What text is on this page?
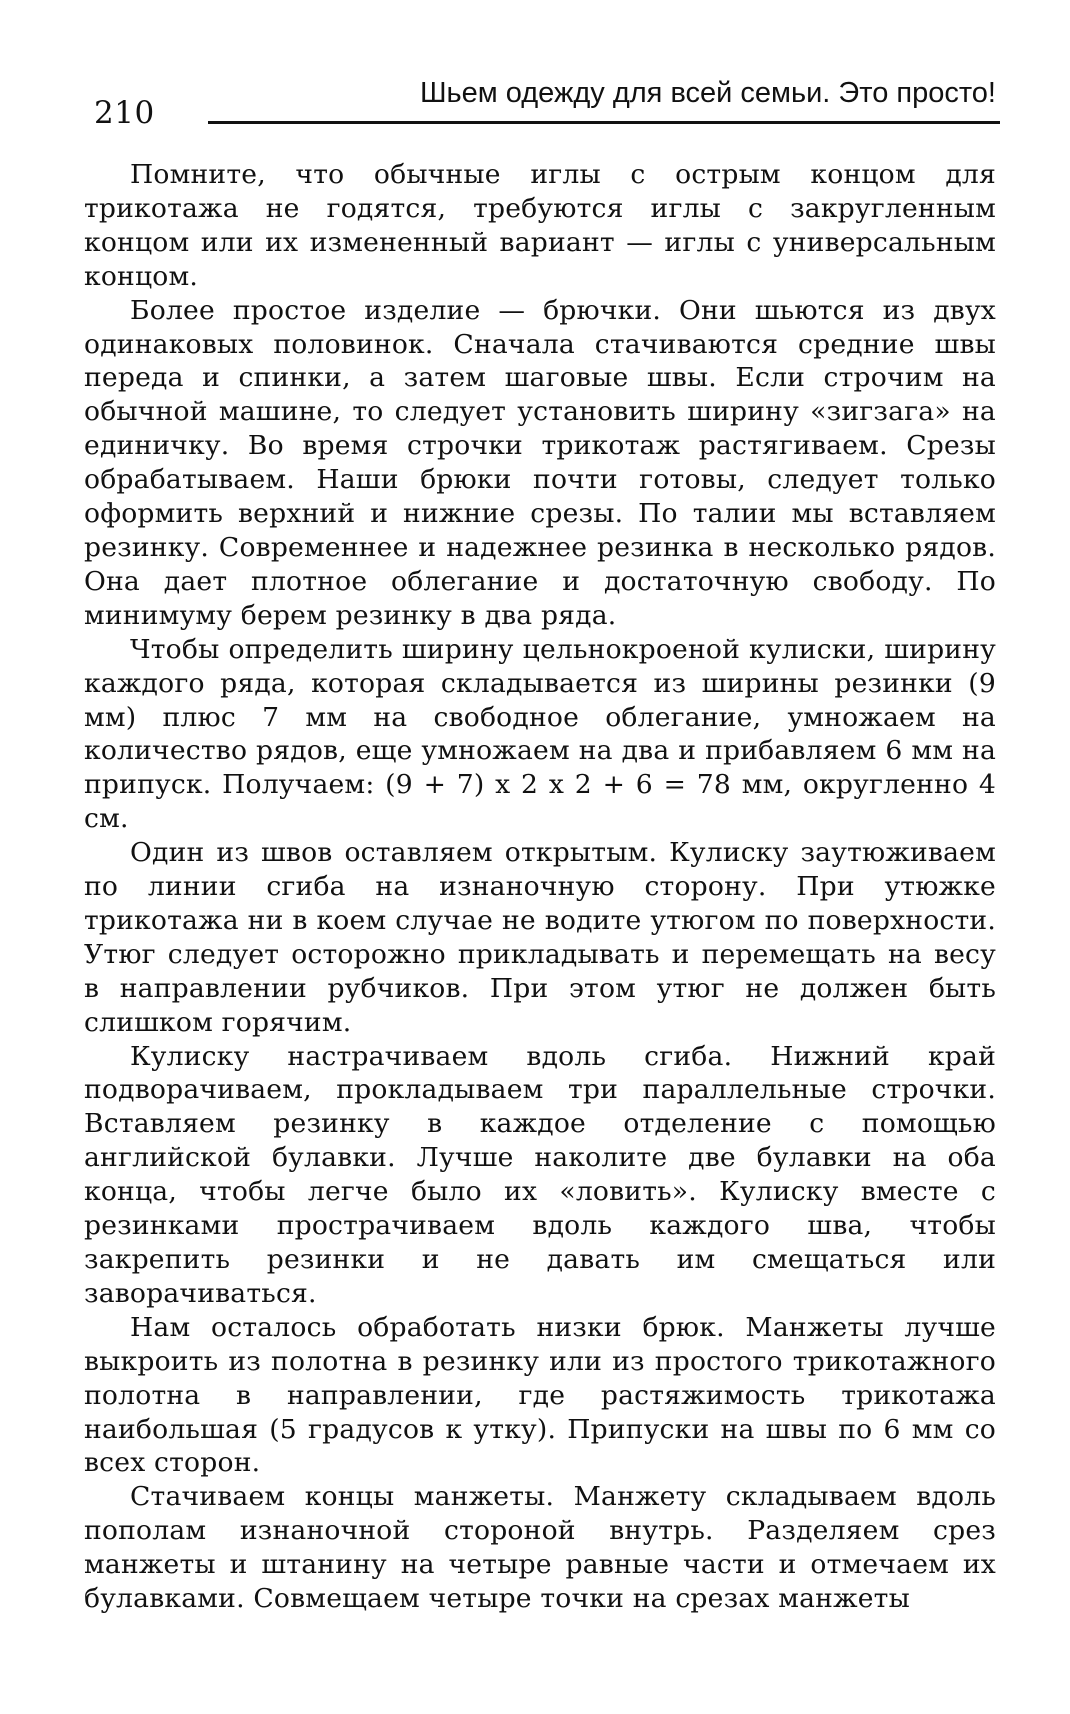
210
Шьем одежду для всей семьи. Это просто!

Помните, что обычные иглы с острым концом для трикотажа не годятся, требуются иглы с закругленным концом или их измененный вариант — иглы с универсальным концом.

Более простое изделие — брючки. Они шьются из двух одинаковых половинок. Сначала стачиваются средние швы переда и спинки, а затем шаговые швы. Если строчим на обычной машине, то следует установить ширину «зигзага» на единичку. Во время строчки трикотаж растягиваем. Срезы обрабатываем. Наши брюки почти готовы, следует только оформить верхний и нижние срезы. По талии мы вставляем резинку. Современнее и надежнее резинка в несколько рядов. Она дает плотное облегание и достаточную свободу. По минимуму берем резинку в два ряда.

Чтобы определить ширину цельнокроеной кулиски, ширину каждого ряда, которая складывается из ширины резинки (9 мм) плюс 7 мм на свободное облегание, умножаем на количество рядов, еще умножаем на два и прибавляем 6 мм на припуск. Получаем: (9 + 7) х 2 х 2 + 6 = 78 мм, округленно 4 см.

Один из швов оставляем открытым. Кулиску заутюживаем по линии сгиба на изнаночную сторону. При утюжке трикотажа ни в коем случае не водите утюгом по поверхности. Утюг следует осторожно прикладывать и перемещать на весу в направлении рубчиков. При этом утюг не должен быть слишком горячим.

Кулиску настрачиваем вдоль сгиба. Нижний край подворачиваем, прокладываем три параллельные строчки. Вставляем резинку в каждое отделение с помощью английской булавки. Лучше наколите две булавки на оба конца, чтобы легче было их «ловить». Кулиску вместе с резинками прострачиваем вдоль каждого шва, чтобы закрепить резинки и не давать им смещаться или заворачиваться.

Нам осталось обработать низки брюк. Манжеты лучше выкроить из полотна в резинку или из простого трикотажного полотна в направлении, где растяжимость трикотажа наибольшая (5 градусов к утку). Припуски на швы по 6 мм со всех сторон.

Стачиваем концы манжеты. Манжету складываем вдоль пополам изнаночной стороной внутрь. Разделяем срез манжеты и штанину на четыре равные части и отмечаем их булавками. Совмещаем четыре точки на срезах манжеты
